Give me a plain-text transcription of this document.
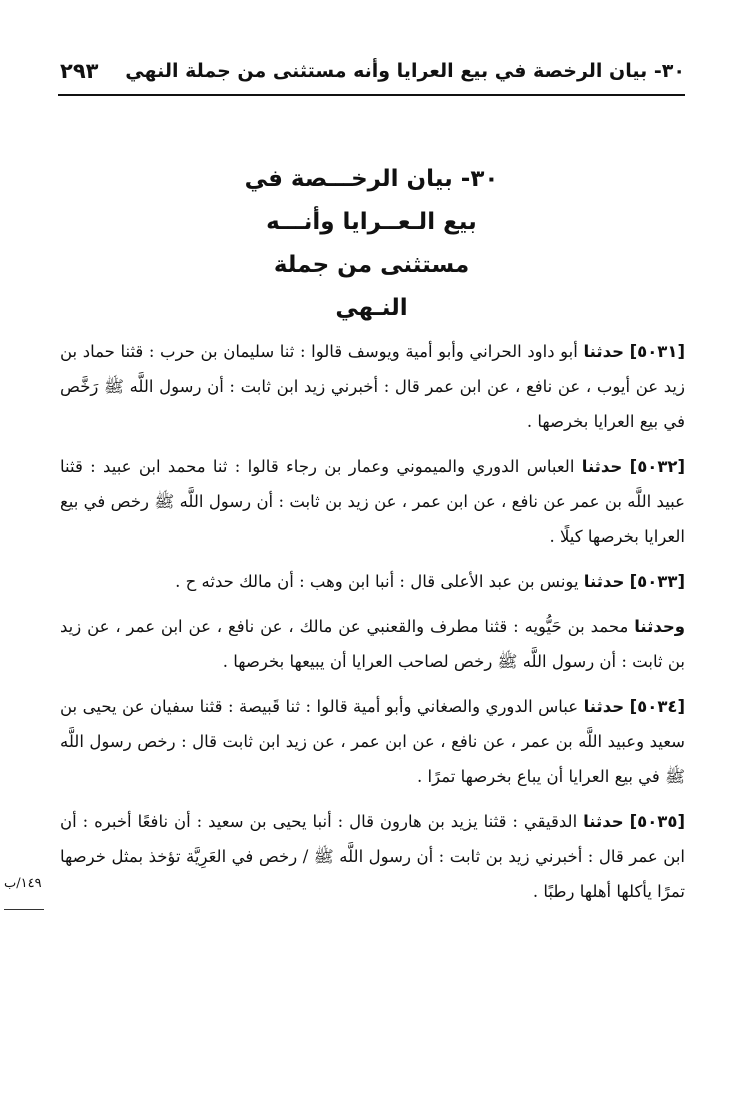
٣٠- بيان الرخصة في بيع العرايا وأنه مستثنى من جملة النهي
٢٩٣
٣٠- بيان الرخـــصة في
بيع الـعــرايا وأنـــه
مستثنى من جملة
النـهي

[٥٠٣١] حدثنا أبو داود الحراني وأبو أمية ويوسف قالوا : ثنا سليمان بن حرب : قثنا حماد بن زيد عن أيوب ، عن نافع ، عن ابن عمر قال : أخبرني زيد ابن ثابت : أن رسول اللَّه ﷺ رَخَّص في بيع العرايا بخرصها .

[٥٠٣٢] حدثنا العباس الدوري والميموني وعمار بن رجاء قالوا : ثنا محمد ابن عبيد : قثنا عبيد اللَّه بن عمر عن نافع ، عن ابن عمر ، عن زيد بن ثابت : أن رسول اللَّه ﷺ رخص في بيع العرايا بخرصها كيلًا .

[٥٠٣٣] حدثنا يونس بن عبد الأعلى قال : أنبا ابن وهب : أن مالك حدثه ح .

وحدثنا محمد بن حَيُّويه : قثنا مطرف والقعنبي عن مالك ، عن نافع ، عن ابن عمر ، عن زيد بن ثابت : أن رسول اللَّه ﷺ رخص لصاحب العرايا أن يبيعها بخرصها .

[٥٠٣٤] حدثنا عباس الدوري والصغاني وأبو أمية قالوا : ثنا قَبيصة : قثنا سفيان عن يحيى بن سعيد وعبيد اللَّه بن عمر ، عن نافع ، عن ابن عمر ، عن زيد ابن ثابت قال : رخص رسول اللَّه ﷺ في بيع العرايا أن يباع بخرصها تمرًا .

[٥٠٣٥] حدثنا الدقيقي : قثنا يزيد بن هارون قال : أنبا يحيى بن سعيد : أن نافعًا أخبره : أن ابن عمر قال : أخبرني زيد بن ثابت : أن رسول اللَّه ﷺ / رخص في العَرِيَّة تؤخذ بمثل خرصها تمرًا يأكلها أهلها رطبًا .

١٤٩/ب
